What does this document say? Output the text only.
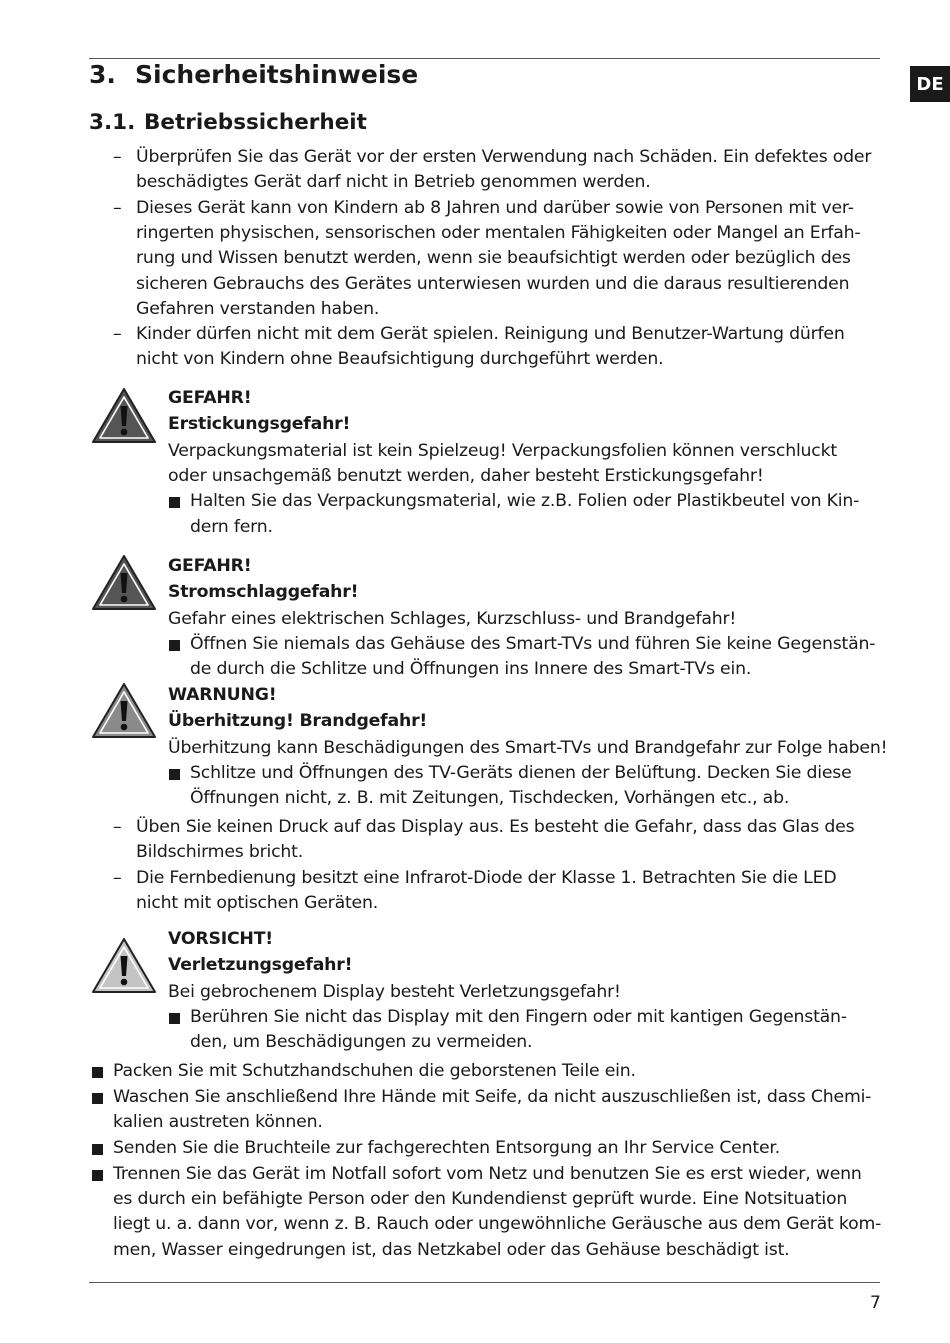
DE
3. Sicherheitshinweise
3.1. Betriebssicherheit
– Überprüfen Sie das Gerät vor der ersten Verwendung nach Schäden. Ein defektes oder
beschädigtes Gerät darf nicht in Betrieb genommen werden.
– Dieses Gerät kann von Kindern ab 8 Jahren und darüber sowie von Personen mit ver-
ringerten physischen, sensorischen oder mentalen Fähigkeiten oder Mangel an Erfah-
rung und Wissen benutzt werden, wenn sie beaufsichtigt werden oder bezüglich des
sicheren Gebrauchs des Gerätes unterwiesen wurden und die daraus resultierenden
Gefahren verstanden haben.
– Kinder dürfen nicht mit dem Gerät spielen. Reinigung und Benutzer-Wartung dürfen
nicht von Kindern ohne Beaufsichtigung durchgeführt werden.
GEFAHR!
Erstickungsgefahr!
Verpackungsmaterial ist kein Spielzeug! Verpackungsfolien können verschluckt
oder unsachgemäß benutzt werden, daher besteht Erstickungsgefahr!
Halten Sie das Verpackungsmaterial, wie z.B. Folien oder Plastikbeutel von Kin-
dern fern.
GEFAHR!
Stromschlaggefahr!
Gefahr eines elektrischen Schlages, Kurzschluss- und Brandgefahr!
Öffnen Sie niemals das Gehäuse des Smart-TVs und führen Sie keine Gegenstän-
de durch die Schlitze und Öffnungen ins Innere des Smart-TVs ein.
WARNUNG!
Überhitzung! Brandgefahr!
Überhitzung kann Beschädigungen des Smart-TVs und Brandgefahr zur Folge haben!
Schlitze und Öffnungen des TV-Geräts dienen der Belüftung. Decken Sie diese
Öffnungen nicht, z. B. mit Zeitungen, Tischdecken, Vorhängen etc., ab.
– Üben Sie keinen Druck auf das Display aus. Es besteht die Gefahr, dass das Glas des
Bildschirmes bricht.
– Die Fernbedienung besitzt eine Infrarot-Diode der Klasse 1. Betrachten Sie die LED
nicht mit optischen Geräten.
VORSICHT!
Verletzungsgefahr!
Bei gebrochenem Display besteht Verletzungsgefahr!
Berühren Sie nicht das Display mit den Fingern oder mit kantigen Gegenstän-
den, um Beschädigungen zu vermeiden.
Packen Sie mit Schutzhandschuhen die geborstenen Teile ein.
Waschen Sie anschließend Ihre Hände mit Seife, da nicht auszuschließen ist, dass Chemi-
kalien austreten können.
Senden Sie die Bruchteile zur fachgerechten Entsorgung an Ihr Service Center.
Trennen Sie das Gerät im Notfall sofort vom Netz und benutzen Sie es erst wieder, wenn
es durch ein befähigte Person oder den Kundendienst geprüft wurde. Eine Notsituation
liegt u. a. dann vor, wenn z. B. Rauch oder ungewöhnliche Geräusche aus dem Gerät kom-
men, Wasser eingedrungen ist, das Netzkabel oder das Gehäuse beschädigt ist.
7
